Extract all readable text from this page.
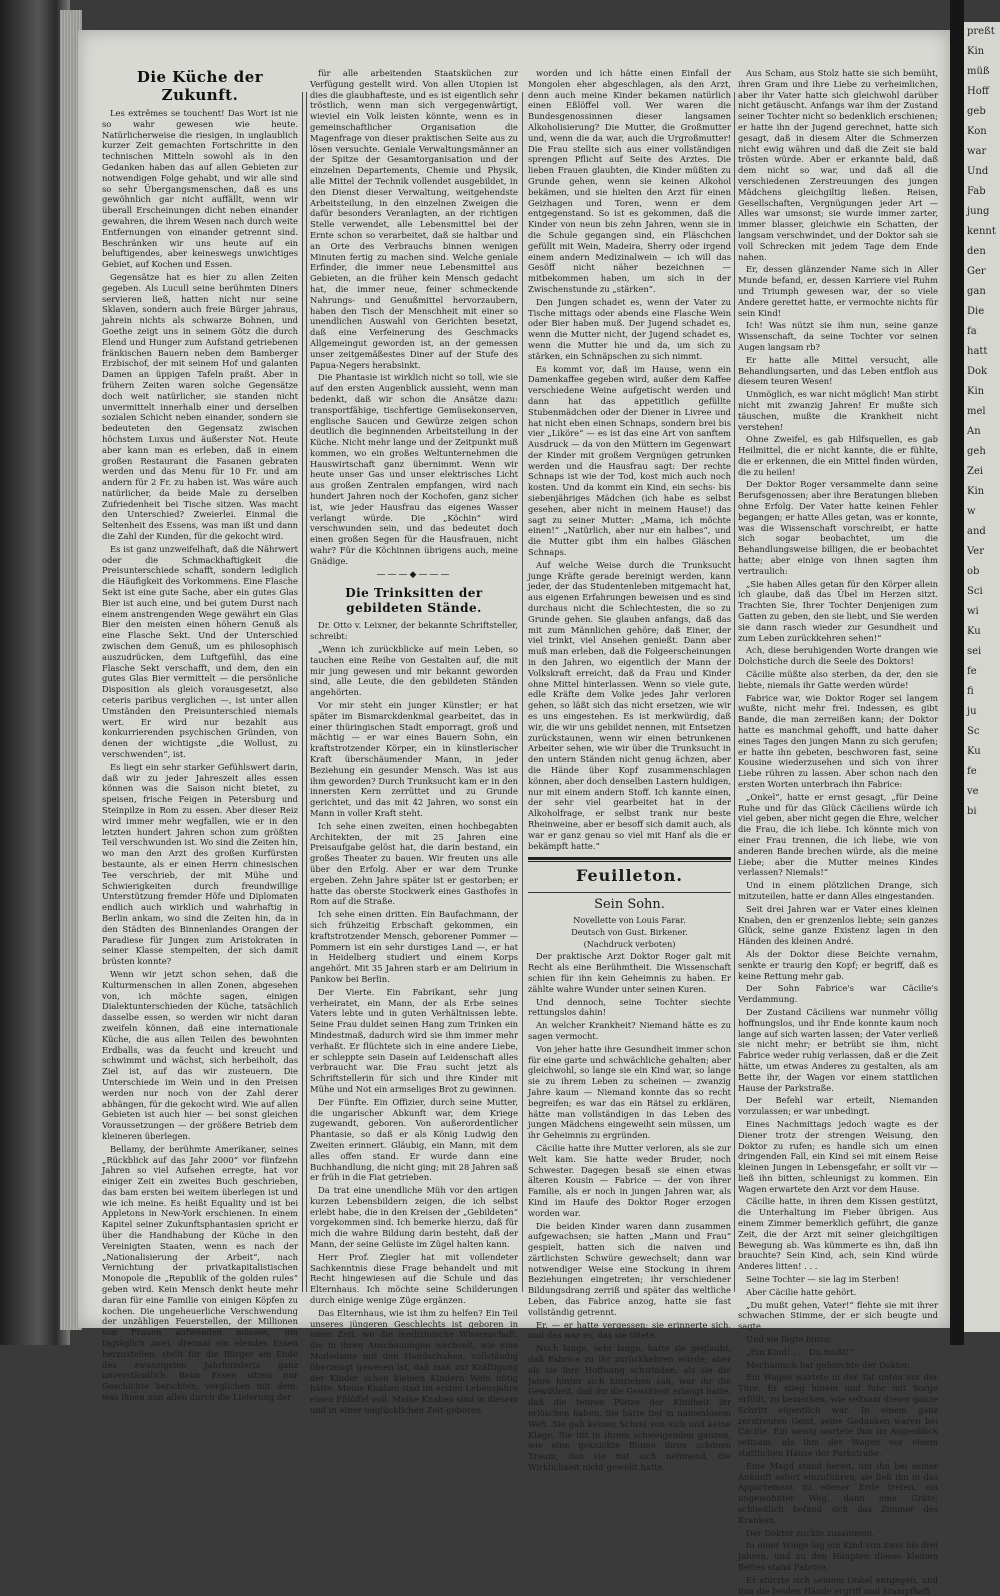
Die Küche der Zukunft.

Les extrêmes se touchent! Das Wort ist nie so wahr gewesen wie heute. Natürlicherweise die riesigen, in unglaublich kurzer Zeit gemachten Fortschritte in den technischen Mitteln sowohl als in den Gedanken haben das auf allen Gebieten zur notwendigen Folge gehabt, und wir alle sind so sehr Übergangsmenschen, daß es uns gewöhnlich gar nicht auffällt, wenn wir überall Erscheinungen dicht neben einander gewahren, die ihrem Wesen nach durch weite Entfernungen von einander getrennt sind. Beschränken wir uns heute auf ein beluftigendes, aber keineswegs unwichtiges Gebiet, auf Kochen und Essen.

Gegensätze hat es hier zu allen Zeiten gegeben. Als Lucull seine berühmten Diners servieren ließ, hatten nicht nur seine Sklaven, sondern auch freie Bürger jahraus, jahrein nichts als schwarze Bohnen, und Goethe zeigt uns in seinem Götz die durch Elend und Hunger zum Aufstand getriebenen fränkischen Bauern neben dem Bamberger Erzbischof, der mit seinem Hof und galanten Damen an üppigen Tafeln praßt. Aber in frühern Zeiten waren solche Gegensätze doch weit natürlicher, sie standen nicht unvermittelt innerhalb einer und derselben sozialen Schicht neben einander, sondern sie bedeuteten den Gegensatz zwischen höchstem Luxus und äußerster Not. Heute aber kann man es erleben, daß in einem großen Restaurant die Fasanen gebraten werden und das Menu für 10 Fr. und am andern für 2 Fr. zu haben ist. Was wäre auch natürlicher, da beide Male zu derselben Zufriedenheit bei Tische sitzen. Was macht den Unterschied? Zweierlei. Einmal die Seltenheit des Essens, was man ißt und dann die Zahl der Kunden, für die gekocht wird.

Es ist ganz unzweifelhaft, daß die Nährwert oder die Schmackhaftigkeit die Preisunterschiede schafft, sondern lediglich die Häufigkeit des Vorkommens. Eine Flasche Sekt ist eine gute Sache, aber ein gutes Glas Bier ist auch eine, und bei gutem Durst nach einem anstrengenden Wege gewährt ein Glas Bier den meisten einen höhern Genuß als eine Flasche Sekt. Und der Unterschied zwischen dem Genuß, um es philosophisch auszudrücken, dem Luftgefühl, das eine Flasche Sekt verschafft, und dem, den ein gutes Glas Bier vermittelt — die persönliche Disposition als gleich vorausgesetzt, also ceteris paribus verglichen —, ist unter allen Umständen den Preisunterschied niemals wert. Er wird nur bezahlt aus konkurrierenden psychischen Gründen, von denen der wichtigste „die Wollust, zu verschwenden“, ist.

Es liegt ein sehr starker Gefühlswert darin, daß wir zu jeder Jahreszeit alles essen können was die Saison nicht bietet, zu speisen, frische Feigen in Petersburg und Steinpilze in Rom zu essen. Aber dieser Reiz wird immer mehr wegfallen, wie er in den letzten hundert Jahren schon zum größten Teil verschwunden ist. Wo sind die Zeiten hin, wo man den Arzt des großen Kurfürsten bestaunte, als er einen Herrn chinesischen Tee verschrieb, der mit Mühe und Schwierigkeiten durch freundwillige Unterstützung fremder Höfe und Diplomaten endlich auch wirklich und wahrhaftig in Berlin ankam, wo sind die Zeiten hin, da in den Städten des Binnenlandes Orangen der Paradiese für Jungen zum Aristokraten in seiner Klasse stempelten, der sich damit brüsten konnte?

Wenn wir jetzt schon sehen, daß die Kulturmenschen in allen Zonen, abgesehen von, ich möchte sagen, einigen Dialektunterschieden der Küche, tatsächlich dasselbe essen, so werden wir nicht daran zweifeln können, daß eine internationale Küche, die aus allen Teilen des bewohnten Erdballs, was da feucht und kreucht und schwimmt und wächst, sich herbeiholt, das Ziel ist, auf das wir zusteuern. Die Unterschiede im Wein und in den Preisen werden nur noch von der Zahl derer abhängen, für die gekocht wird. Wie auf allen Gebieten ist auch hier — bei sonst gleichen Voraussetzungen — der größere Betrieb dem kleineren überlegen.

Bellamy, der berühmte Amerikaner, seines „Rückblick auf das Jahr 2000“ vor fünfzehn Jahren so viel Aufsehen erregte, hat vor einiger Zeit ein zweites Buch geschrieben, das bam ersten bei weitem überlegen ist und wie ich meine. Es heißt Equality und ist bei Appletons in New-York erschienen. In einem Kapitel seiner Zukunftsphantasien spricht er über die Handhabung der Küche in den Vereinigten Staaten, wenn es nach der „Nationalisierung der Arbeit“, nach Vernichtung der privatkapitalistischen Monopole die „Republik of the golden rules“ geben wird. Kein Mensch denkt heute mehr daran für eine Familie von einigen Köpfen zu kochen. Die ungeheuerliche Verschwendung der unzähligen Feuerstellen, der Millionen von Frauen aufwenden müssen, um tagtäglich zwei, dreimal ein elendes Essen herzustellen, stellt für die Bürger am Ende des zwanzigsten Jahrhunderts ganz unverständlich. Beim Essen sitzen nur Geschichte berichten, verglichen mit dem, was ihnen nun allen durch die Lieferung der

für alle arbeitenden Staatsküchen zur Verfügung gestellt wird. Von allen Utopien ist dies die glaubhafteste, und es ist eigentlich sehr tröstlich, wenn man sich vergegenwärtigt, wieviel ein Volk leisten könnte, wenn es in gemeinschaftlicher Organisation die Magenfrage von dieser praktischen Seite aus zu lösen versuchte. Geniale Verwaltungsmänner an der Spitze der Gesamtorganisation und der einzelnen Departements, Chemie und Physik, alle Mittel der Technik vollendet ausgebildet, in den Dienst dieser Verwaltung, weitgehendste Arbeitsteilung, in den einzelnen Zweigen die dafür besonders Veranlagten, an der richtigen Stelle verwendet, alle Lebensmittel bei der Ernte schon so verarbeitet, daß sie haltbar und an Orte des Verbrauchs binnen wenigen Minuten fertig zu machen sind. Welche geniale Erfinder, die immer neue Lebensmittel aus Gebieten, an die früher kein Mensch gedacht hat, die immer neue, feiner schmeckende Nahrungs- und Genußmittel hervorzaubern, haben den Tisch der Menschheit mit einer so unendlichen Auswahl von Gerichten besetzt, daß eine Verfeinerung des Geschmacks Allgemeingut geworden ist, an der gemessen unser zeitgemäßestes Diner auf der Stufe des Papua-Negers herabsinkt.

Die Phantasie ist wirklich nicht so toll, wie sie auf den ersten Augenblick aussieht, wenn man bedenkt, daß wir schon die Ansätze dazu: transportfähige, tischfertige Gemüsekonserven, englische Saucen und Gewürze zeigen schon deutlich die beginnenden Arbeitsteilung in der Küche. Nicht mehr lange und der Zeitpunkt muß kommen, wo ein großes Weltunternehmen die Hauswirtschaft ganz übernimmt. Wenn wir heute unser Gas und unser elektrisches Licht aus großen Zentralen empfangen, wird nach hundert Jahren noch der Kochofen, ganz sicher ist, wie jeder Hausfrau das eigenes Wasser verlangt würde. Die „Köchin“ wird verschwunden sein, und das bedeutet doch einen großen Segen für die Hausfrauen, nicht wahr? Für die Köchinnen übrigens auch, meine Gnädige.

———◆———
Die Trinksitten der gebildeten Stände.

Dr. Otto v. Leixner, der bekannte Schriftsteller, schreibt:

„Wenn ich zurückblicke auf mein Leben, so tauchen eine Reihe von Gestalten auf, die mit mir jung gewesen und mir bekannt geworden sind, alle Leute, die den gebildeten Ständen angehörten.

Vor mir steht ein junger Künstler; er hat später im Bismarckdenkmal gearbeitet, das in einer thüringischen Stadt emporragt, groß und mächtig — er war eines Bauern Sohn, ein kraftstrotzender Körper, ein in künstlerischer Kraft überschäumender Mann, in jeder Beziehung ein gesunder Mensch. Was ist aus ihm geworden? Durch Trunksucht kam er in den innersten Kern zerrüttet und zu Grunde gerichtet, und das mit 42 Jahren, wo sonst ein Mann in voller Kraft steht.

Ich sehe einen zweiten, einen hochbegabten Architekten, der mit 25 Jahren eine Preisaufgabe gelöst hat, die darin bestand, ein großes Theater zu bauen. Wir freuten uns alle über den Erfolg. Aber er war dem Trunke ergeben. Zehn Jahre später ist er gestorben; er hatte das oberste Stockwerk eines Gasthofes in Rom auf die Straße.

Ich sehe einen dritten. Ein Baufachmann, der sich frühzeitig Erbschaft gekommen, ein kraftstrotzender Mensch, geborener Pommer — Pommern ist ein sehr durstiges Land —, er hat in Heidelberg studiert und einem Korps angehört. Mit 35 Jahren starb er am Delirium in Pankow bei Berlin.

Der Vierte. Ein Fabrikant, sehr jung verheiratet, ein Mann, der als Erbe seines Vaters lebte und in guten Verhältnissen lebte. Seine Frau duldet seinen Hang zum Trinken ein Mindestmaß, dadurch wird sie ihm immer mehr verhaßt. Er flüchtete sich in eine andere Liebe, er schleppte sein Dasein auf Leidenschaft alles verbraucht war. Die Frau sucht jetzt als Schriftstellerin für sich und ihre Kinder mit Mühe und Not ein armseliges Brot zu gewinnen.

Der Fünfte. Ein Offizier, durch seine Mutter, die ungarischer Abkunft war, dem Kriege zugewandt, geboren. Von außerordentlicher Phantasie, so daß er als König Ludwig den Zweiten erinnert. Gläubig, ein Mann, mit dem alles offen stand. Er wurde dann eine Buchhandlung, die nicht ging; mit 28 Jahren saß er früh in die Fiat getrieben.

Da trat eine unendliche Müh vor den artigen kurzen Lebensbildern zeigen, die ich selbst erlebt habe, die in den Kreisen der „Gebildeten“ vorgekommen sind. Ich bemerke hierzu, daß für mich die wahre Bildung darin besteht, daß der Mann, der seine Gelüste im Zügel halten kann.

Herr Prof. Ziegler hat mit vollendeter Sachkenntnis diese Frage behandelt und mit Recht hingewiesen auf die Schule und das Elternhaus. Ich möchte seine Schilderungen durch einige wenige Züge ergänzen.

Das Elternhaus, wie ist ihm zu helfen? Ein Teil unseres jüngeren Geschlechts ist geboren in einer Zeit, wo die medizinische Wissenschaft, die in ihren Anschauungen wechselt, wie eine Modedame mit den Handschuhen, vollständig überzeugt gewesen ist, daß man zur Kräftigung der Kinder schon kleinen Kindern Wein nötig hätte. Meine Knaben sind im ersten Lebensjahre einen Eßlöffel voll. Meine Knaben sind in diesem und in einer unglücklichen Zeit geboren

worden und ich hätte einen Einfall der Mongolen eher abgeschlagen, als den Arzt, denn auch meine Kinder bekamen natürlich einen Eßlöffel voll. Wer waren die Bundesgenossinnen dieser langsamen Alkoholisierung? Die Mutter, die Großmutter und, wenn die da war, auch die Urgroßmutter! Die Frau stellte sich aus einer vollständigen sprengen Pflicht auf Seite des Arztes. Die lieben Frauen glaubten, die Kinder müßten zu Grunde gehen, wenn sie keinen Alkohol bekämen, und sie hielten den Arzt für einen Geizhagen und Toren, wenn er dem entgegenstand. So ist es gekommen, daß die Kinder von neun bis zehn Jahren, wenn sie in die Schule gegangen sind, ein Fläschchen gefüllt mit Wein, Madeira, Sherry oder irgend einem andern Medizinalwein — ich will das Gesöff nicht näher bezeichnen — mitbekommen haben, um sich in der Zwischenstunde zu „stärken“.

Den Jungen schadet es, wenn der Vater zu Tische mittags oder abends eine Flasche Wein oder Bier haben muß. Der Jugend schadet es, wenn die Mutter nicht, der Jugend schadet es, wenn die Mutter hie und da, um sich zu stärken, ein Schnäpschen zu sich nimmt.

Es kommt vor, daß im Hause, wenn ein Damenkaffee gegeben wird, außer dem Kaffee verschiedene Weine aufgetischt werden und dann hat das appetitlich gefüllte Stubenmädchen oder der Diener in Livree und hat nicht eben einen Schnaps, sondern brei bis vier „Liköre“ — es ist das eine Art von sanftem Ausdruck — da von den Müttern im Gegenwart der Kinder mit großem Vergnügen getrunken werden und die Hausfrau sagt: Der rechte Schnaps ist wie der Tod, kost mich auch noch kosten. Und da kommt ein Kind, ein sechs- bis siebenjähriges Mädchen (ich habe es selbst gesehen, aber nicht in meinem Hause!) das sagt zu seiner Mutter: „Mama, ich möchte einen!“ „Natürlich, aber nur ein halbes“, und die Mutter gibt ihm ein halbes Gläschen Schnaps.

Auf welche Weise durch die Trunksucht junge Kräfte gerade bereinigt werden, kann jeder, der das Studentenleben mitgemacht hat, aus eigenen Erfahrungen beweisen und es sind durchaus nicht die Schlechtesten, die so zu Grunde gehen. Sie glauben anfangs, daß das mit zum Männlichen gehöre; daß Einer, der viel trinkt, viel Ansehen genießt. Dann aber muß man erleben, daß die Folgeerscheinungen in den Jahren, wo eigentlich der Mann der Volkskraft erreicht, daß da Frau und Kinder ohne Mittel hinterlassen. Wenn so viele gute, edle Kräfte dem Volke jedes Jahr verloren gehen, so läßt sich das nicht ersetzen, wie wir es uns eingestehen. Es ist merkwürdig, daß wir, die wir uns gebildet nennen, mit Entsetzen zurückstaunen, wenn wir einen betrunkenen Arbeiter sehen, wie wir über die Trunksucht in den untern Ständen nicht genug ächzen, aber die Hände über Kopf zusammenschlagen können, aber doch denselben Lastern huldigen, nur mit einem andern Stoff. Ich kannte einen, der sehr viel gearbeitet hat in der Alkoholfrage, er selbst trank nur beste Rheinweine, aber er besoff sich damit auch, als war er ganz genau so viel mit Hanf als die er bekämpft hatte.“

Feuilleton.
Sein Sohn.

Novellette von Louis Farar.

Deutsch von Gust. Birkener.

(Nachdruck verboten)

Der praktische Arzt Doktor Roger galt mit Recht als eine Berühmtheit. Die Wissenschaft schien für ihn kein Geheimnis zu haben. Er zählte wahre Wunder unter seinen Kuren.

Und dennoch, seine Tochter siechte rettungslos dahin!

An welcher Krankheit? Niemand hätte es zu sagen vermocht.

Von jeher hatte ihre Gesundheit immer schon für eine garte und schwächliche gehalten; aber gleichwohl, so lange sie ein Kind war, so lange sie zu ihrem Leben zu scheinen — zwanzig Jahre kaum — Niemand konnte das so recht begreifen; es war das ein Rätsel zu erklären, hätte man vollständigen in das Leben des jungen Mädchens eingeweiht sein müssen, um ihr Geheimnis zu ergründen.

Cäcilie hatte ihre Mutter verloren, als sie zur Welt kam. Sie hatte weder Bruder, noch Schwester. Dagegen besaß sie einen etwas älteren Kousin — Fabrice — der von ihrer Familie, als er noch in jungen Jahren war, als Kind im Haufe des Doktor Roger erzogen worden war.

Die beiden Kinder waren dann zusammen aufgewachsen; sie hatten „Mann und Frau“ gespielt, hatten sich die naiven und zärtlichsten Schwüre gewechselt; dann war notwendiger Weise eine Stockung in ihrem Beziehungen eingetreten; ihr verschiedener Bildungsdrang zerriß und später das weltliche Leben, das Fabrice anzog, hatte sie fast vollständig getrennt.

Er, — er hatte vergessen; sie erinnerte sich, und das war es, das sie tötete.

Noch lange, sehr lange, hatte sie geglaubt, daß Fabrice zu ihr zurückkehren würde; aber als sie ihre Hoffnung schwinden, als sie die Jahre hinter sich hinziehen sah, war ihr die Gewißheit, daß ihr die Gewißheit erlangt hatte, daß die teuren Plätze der Kindheit ihr erlöschen haben. Sie hätte tief in namenlosem Weh. Sie gab keinen Schrei von sich und keine Klage. Sie litt in ihrem schweigenden ganzen, wie eine geknickte Blume ihren schönen Traum, den sie mit sich nehmend, die Wirklichkeit nicht gewollt hatte.

Aus Scham, aus Stolz hatte sie sich bemüht, ihren Gram und ihre Liebe zu verheimlichen, aber ihr Vater hatte sich gleichwohl darüber nicht getäuscht. Anfangs war ihm der Zustand seiner Tochter nicht so bedenklich erschienen; er hatte ihn der Jugend gerechnet, hatte sich gesagt, daß in diesem Alter die Schmerzen nicht ewig währen und daß die Zeit sie bald trösten würde. Aber er erkannte bald, daß dem nicht so war, und daß all die verschiedenen Zerstreuungen des jungen Mädchens gleichgiltig ließen. Reisen, Gesellschaften, Vergnügungen jeder Art — Alles war umsonst; sie wurde immer zarter, immer blasser, gleichwie ein Schatten, der langsam verschwindet, und der Doktor sah sie voll Schrecken mit jedem Tage dem Ende nahen.

Er, dessen glänzender Name sich in Aller Munde befand, er, dessen Karriere viel Ruhm und Triumph gewesen war, der so viele Andere gerettet hatte, er vermochte nichts für sein Kind!

Ich! Was nützt sie ihm nun, seine ganze Wissenschaft, da seine Tochter vor seinen Augen langsam rb?

Er hatte alle Mittel versucht, alle Behandlungsarten, und das Leben entfloh aus diesem teuren Wesen!

Unmöglich, es war nicht möglich! Man stirbt nicht mit zwanzig Jahren! Er mußte sich täuschen, mußte die Krankheit nicht verstehen!

Ohne Zweifel, es gab Hilfsquellen, es gab Heilmittel, die er nicht kannte, die er fühlte, die er erkennen, die ein Mittel finden würden, die zu heilen!

Der Doktor Roger versammelte dann seine Berufsgenossen; aber ihre Beratungen blieben ohne Erfolg. Der Vater hatte keinen Fehler begangen; er hatte Alles getan, was er konnte, was die Wissenschaft vorschreibt, er hatte sich sogar beobachtet, um die Behandlungsweise billigen, die er beobachtet hatte; aber einige von ihnen sagten ihm vertraulich:

„Sie haben Alles getan für den Körper allein ich glaube, daß das Übel im Herzen sitzt. Trachten Sie, Ihrer Tochter Denjenigen zum Gatten zu geben, den sie liebt, und Sie werden sie dann rasch wieder zur Gesundheit und zum Leben zurückkehren sehen!“

Ach, diese beruhigenden Worte drangen wie Dolchstiche durch die Seele des Doktors!

Cäcilie müßte also sterben, da der, den sie liebte, niemals ihr Gatte werden würde!

Fabrice war, wie Doktor Roger sei langem wußte, nicht mehr frei. Indessen, es gibt Bande, die man zerreißen kann; der Doktor hatte es manchmal gehofft, und hatte daher eines Tages den jungen Mann zu sich gerufen; er hatte ihn gebeten, beschworen fast, seine Kousine wiederzusehen und sich von ihrer Liebe rühren zu lassen. Aber schon nach den ersten Worten unterbrach ihn Fabrice:

„Onkel“, hatte er ernst gesagt, „für Deine Ruhe und für das Glück Cäciliens würde ich viel geben, aber nicht gegen die Ehre, welcher die Frau, die ich liebe. Ich könnte mich von einer Frau trennen, die ich liebe, wie von anderen Bande brechen würde, als die meine Liebe; aber die Mutter meines Kindes verlassen? Niemals!“

Und in einem plötzlichen Drange, sich mitzuteilen, hatte er dann Alles eingestanden.

Seit drei Jahren war er Vater eines kleinen Knaben, den er grenzenlos liebte; sein ganzes Glück, seine ganze Existenz lagen in den Händen des kleinen André.

Als der Doktor diese Beichte vernahm, senkte er traurig den Kopf; er begriff, daß es keine Rettung mehr gab.

Der Sohn Fabrice's war Cäcilie's Verdammung.

Der Zustand Cäciliens war nunmehr völlig hoffnungslos, und ihr Ende konnte kaum noch lange auf sich warten lassen; der Vater verließ sie nicht mehr; er betrübt sie ihm, nicht Fabrice weder ruhig verlassen, daß er die Zeit hätte, um etwas Anderes zu gestalten, als am Bette ihr, der Wagen vor einem stattlichen Hause der Parkstraße.

Der Befehl war erteilt, Niemanden vorzulassen; er war unbedingt.

Eines Nachmittags jedoch wagte es der Diener trotz der strengen Weisung, den Doktor zu rufen; es handle sich um einen dringenden Fall, ein Kind sei mit einem Reise kleinen Jungen in Lebensgefahr, er sollt vir — ließ ihn bitten, schleunigst zu kommen. Ein Wagen erwartete den Arzt vor dem Hause.

Cäcilie hatte, in ihren dem Kissen gestützt, die Unterhaltung im Fieber übrigen. Aus einem Zimmer bemerklich geführt, die ganze Zeit, die der Arzt mit seiner gleichgiltigen Bewegung ab. Was kümmerte es ihn, daß ihn brauchte? Sein Kind, ach, sein Kind würde Anderes litten! . . .

Seine Tochter — sie lag im Sterben!

Aber Cäcilie hatte gehört.

„Du mußt gehen, Vater!“ flehte sie mit ihrer schwachen Stimme, der er sich beugte und sagte.

Und sie fügte hinzu:

„Ein Kind! . . . Du mußt!“

Mechanisch hat gehorchte der Doktor.

Ein Wagen wartete in der Tat unten vor der Türe. Er stieg hinein und fuhr mit Sorge erfüllt, zu bemerken, wie seltsam dieser ganze Schritt eigentlich war. In einem ganz zerstreuten Geist, seine Gedanken waren bei Cäcilie. Ein wenig wartete ihm im Augenblick seltsam, als ihm der Wagen vor einem stattlichen Hause der Parkstraße.

Eine Magd stand bereit, um ihn bei seiner Ankunft sofort einzuführen; sie ließ ihn in das Appartement zu ebener Erde treten, ein ungewohnter Weg, dann eine Gräte; schließlich befand sich das Zimmer des Kranken.

Der Doktor zuckte zusammen.

In einer Wiege lag ein Kind von zwei bis drei Jahren, und zu den Häupten dieses kleinen Bettes stand Fabrice.

Er stürzte sich seinem Onkel entgegen, und ihm die beiden Hände ergriff und krampfhaft

preßt
Kin
müß
Hoff
geb
Kon
war
Und
Fab
jung
kennt
den
Ger
gan
Die
fa
hatt
Dok
Kin
mel
An
geh
Zei
Kin
w
and
Ver
ob
Sci
wi
Ku
sei
fe
fi
ju
Sc
Ku
fe
ve
bi
